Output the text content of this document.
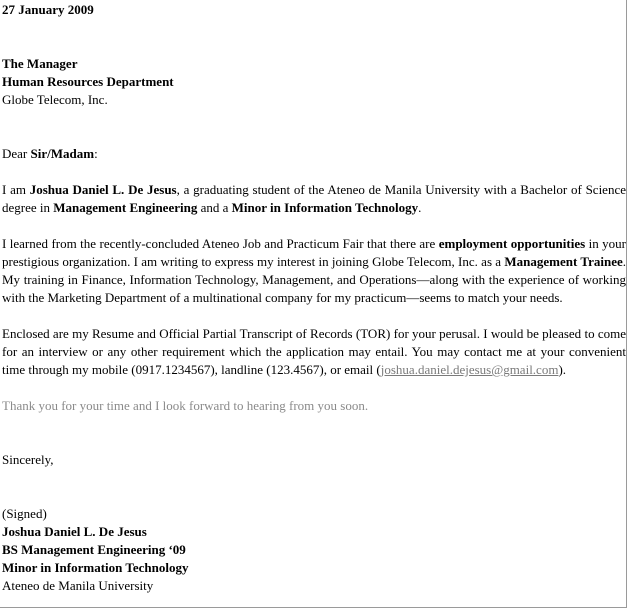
27 January 2009
The Manager
Human Resources Department
Globe Telecom, Inc.
Dear Sir/Madam:
I am Joshua Daniel L. De Jesus, a graduating student of the Ateneo de Manila University with a Bachelor of Science degree in Management Engineering and a Minor in Information Technology.
I learned from the recently-concluded Ateneo Job and Practicum Fair that there are employment opportunities in your prestigious organization. I am writing to express my interest in joining Globe Telecom, Inc. as a Management Trainee. My training in Finance, Information Technology, Management, and Operations—along with the experience of working with the Marketing Department of a multinational company for my practicum—seems to match your needs.
Enclosed are my Resume and Official Partial Transcript of Records (TOR) for your perusal. I would be pleased to come for an interview or any other requirement which the application may entail. You may contact me at your convenient time through my mobile (0917.1234567), landline (123.4567), or email (joshua.daniel.dejesus@gmail.com).
Thank you for your time and I look forward to hearing from you soon.
Sincerely,
(Signed)
Joshua Daniel L. De Jesus
BS Management Engineering ‘09
Minor in Information Technology
Ateneo de Manila University
